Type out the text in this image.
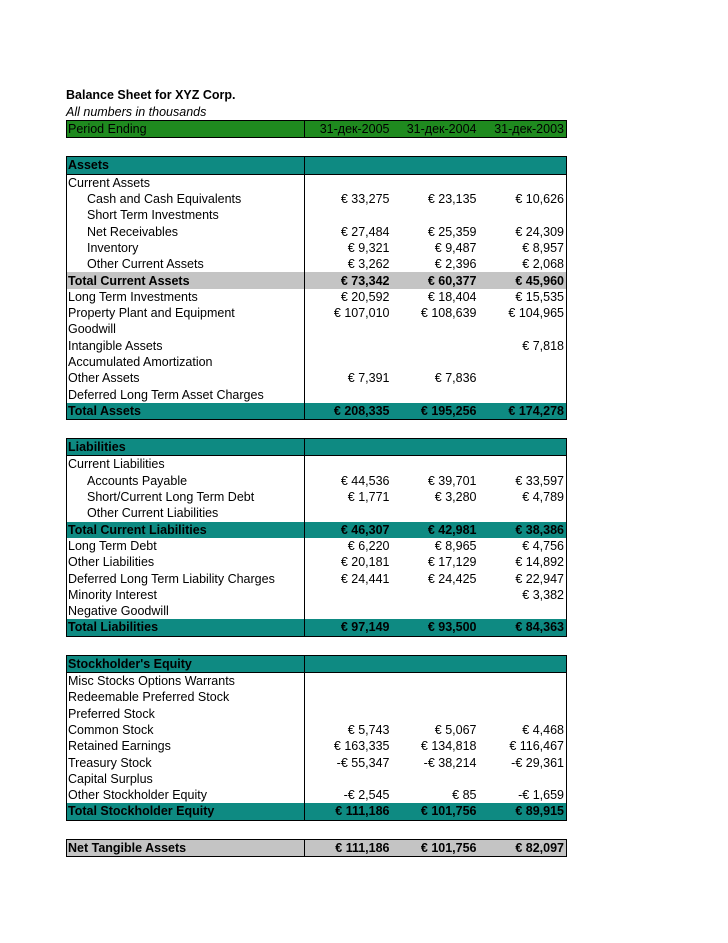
Balance Sheet for XYZ Corp.
All numbers in thousands
Period Ending	31-дек-2005	31-дек-2004	31-дек-2003

Assets			
Current Assets			
Cash and Cash Equivalents	€ 33,275	€ 23,135	€ 10,626
Short Term Investments			
Net Receivables	€ 27,484	€ 25,359	€ 24,309
Inventory	€ 9,321	€ 9,487	€ 8,957
Other Current Assets	€ 3,262	€ 2,396	€ 2,068
Total Current Assets	€ 73,342	€ 60,377	€ 45,960
Long Term Investments	€ 20,592	€ 18,404	€ 15,535
Property Plant and Equipment	€ 107,010	€ 108,639	€ 104,965
Goodwill			
Intangible Assets			€ 7,818
Accumulated Amortization			
Other Assets	€ 7,391	€ 7,836	
Deferred Long Term Asset Charges			
Total Assets	€ 208,335	€ 195,256	€ 174,278

Liabilities			
Current Liabilities			
Accounts Payable	€ 44,536	€ 39,701	€ 33,597
Short/Current Long Term Debt	€ 1,771	€ 3,280	€ 4,789
Other Current Liabilities			
Total Current Liabilities	€ 46,307	€ 42,981	€ 38,386
Long Term Debt	€ 6,220	€ 8,965	€ 4,756
Other Liabilities	€ 20,181	€ 17,129	€ 14,892
Deferred Long Term Liability Charges	€ 24,441	€ 24,425	€ 22,947
Minority Interest			€ 3,382
Negative Goodwill			
Total Liabilities	€ 97,149	€ 93,500	€ 84,363

Stockholder's Equity			
Misc Stocks Options Warrants			
Redeemable Preferred Stock			
Preferred Stock			
Common Stock	€ 5,743	€ 5,067	€ 4,468
Retained Earnings	€ 163,335	€ 134,818	€ 116,467
Treasury Stock	-€ 55,347	-€ 38,214	-€ 29,361
Capital Surplus			
Other Stockholder Equity	-€ 2,545	€ 85	-€ 1,659
Total Stockholder Equity	€ 111,186	€ 101,756	€ 89,915

Net Tangible Assets	€ 111,186	€ 101,756	€ 82,097
